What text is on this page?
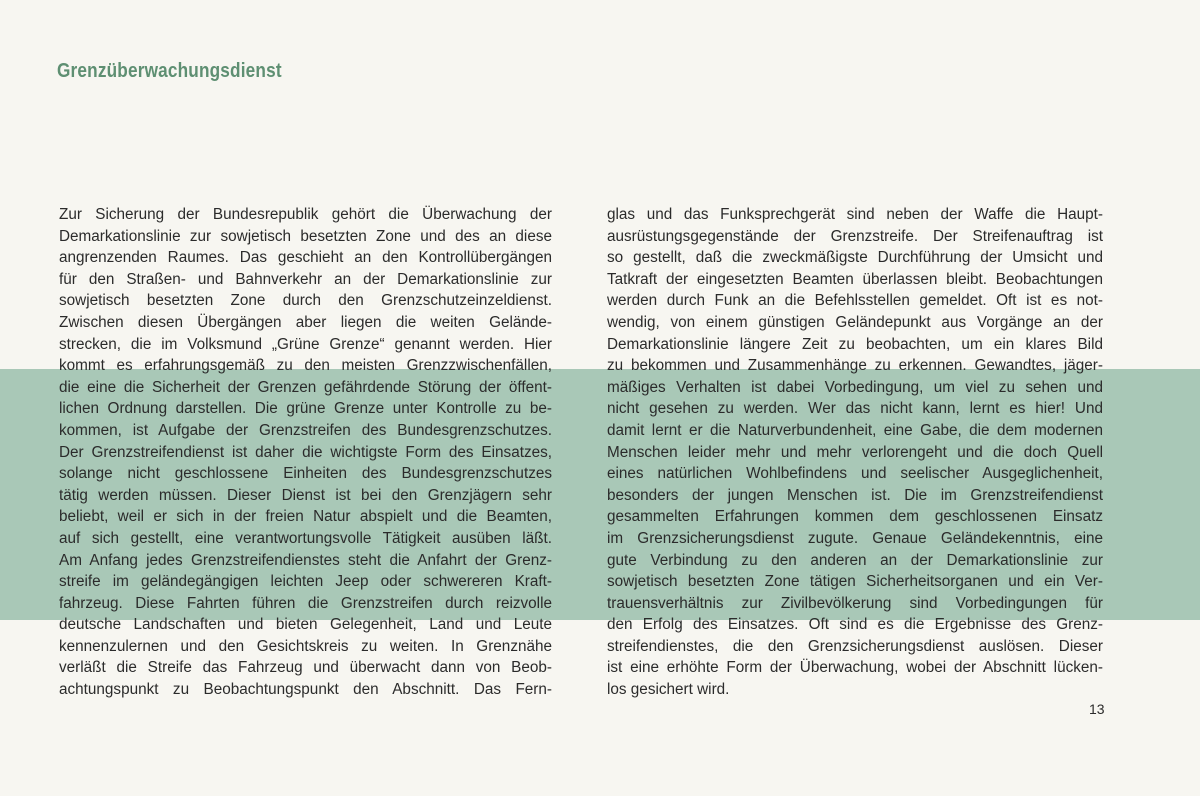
Grenzüberwachungsdienst
Zur Sicherung der Bundesrepublik gehört die Überwachung der
Demarkationslinie zur sowjetisch besetzten Zone und des an diese
angrenzenden Raumes. Das geschieht an den Kontrollübergängen
für den Straßen- und Bahnverkehr an der Demarkationslinie zur
sowjetisch besetzten Zone durch den Grenzschutzeinzeldienst.
Zwischen diesen Übergängen aber liegen die weiten Gelände-
strecken, die im Volksmund „Grüne Grenze“ genannt werden. Hier
kommt es erfahrungsgemäß zu den meisten Grenzzwischenfällen,
die eine die Sicherheit der Grenzen gefährdende Störung der öffent-
lichen Ordnung darstellen. Die grüne Grenze unter Kontrolle zu be-
kommen, ist Aufgabe der Grenzstreifen des Bundesgrenzschutzes.
Der Grenzstreifendienst ist daher die wichtigste Form des Einsatzes,
solange nicht geschlossene Einheiten des Bundesgrenzschutzes
tätig werden müssen. Dieser Dienst ist bei den Grenzjägern sehr
beliebt, weil er sich in der freien Natur abspielt und die Beamten,
auf sich gestellt, eine verantwortungsvolle Tätigkeit ausüben läßt.
Am Anfang jedes Grenzstreifendienstes steht die Anfahrt der Grenz-
streife im geländegängigen leichten Jeep oder schwereren Kraft-
fahrzeug. Diese Fahrten führen die Grenzstreifen durch reizvolle
deutsche Landschaften und bieten Gelegenheit, Land und Leute
kennenzulernen und den Gesichtskreis zu weiten. In Grenznähe
verläßt die Streife das Fahrzeug und überwacht dann von Beob-
achtungspunkt zu Beobachtungspunkt den Abschnitt. Das Fern-
glas und das Funksprechgerät sind neben der Waffe die Haupt-
ausrüstungsgegenstände der Grenzstreife. Der Streifenauftrag ist
so gestellt, daß die zweckmäßigste Durchführung der Umsicht und
Tatkraft der eingesetzten Beamten überlassen bleibt. Beobachtungen
werden durch Funk an die Befehlsstellen gemeldet. Oft ist es not-
wendig, von einem günstigen Geländepunkt aus Vorgänge an der
Demarkationslinie längere Zeit zu beobachten, um ein klares Bild
zu bekommen und Zusammenhänge zu erkennen. Gewandtes, jäger-
mäßiges Verhalten ist dabei Vorbedingung, um viel zu sehen und
nicht gesehen zu werden. Wer das nicht kann, lernt es hier! Und
damit lernt er die Naturverbundenheit, eine Gabe, die dem modernen
Menschen leider mehr und mehr verlorengeht und die doch Quell
eines natürlichen Wohlbefindens und seelischer Ausgeglichenheit,
besonders der jungen Menschen ist. Die im Grenzstreifendienst
gesammelten Erfahrungen kommen dem geschlossenen Einsatz
im Grenzsicherungsdienst zugute. Genaue Geländekenntnis, eine
gute Verbindung zu den anderen an der Demarkationslinie zur
sowjetisch besetzten Zone tätigen Sicherheitsorganen und ein Ver-
trauensverhältnis zur Zivilbevölkerung sind Vorbedingungen für
den Erfolg des Einsatzes. Oft sind es die Ergebnisse des Grenz-
streifendienstes, die den Grenzsicherungsdienst auslösen. Dieser
ist eine erhöhte Form der Überwachung, wobei der Abschnitt lücken-
los gesichert wird.
13
